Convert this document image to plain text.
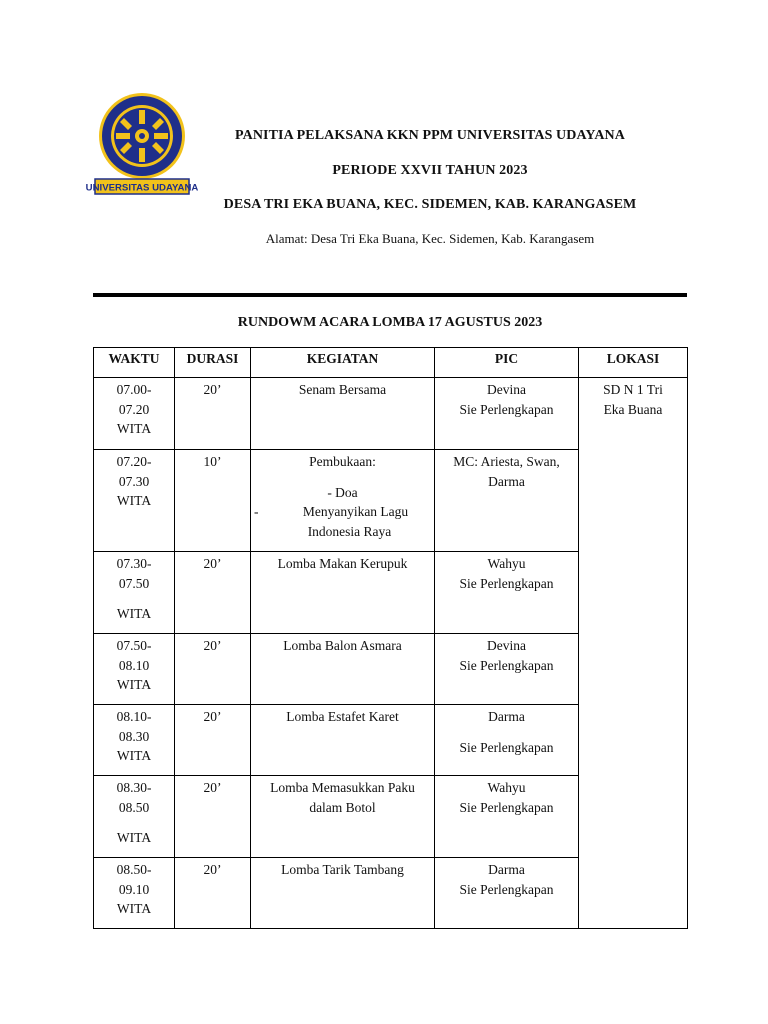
UNIVERSITAS UDAYANA
PANITIA PELAKSANA KKN PPM UNIVERSITAS UDAYANA
PERIODE XXVII TAHUN 2023
DESA TRI EKA BUANA, KEC. SIDEMEN, KAB. KARANGASEM
Alamat: Desa Tri Eka Buana, Kec. Sidemen, Kab. Karangasem
RUNDOWM ACARA LOMBA 17 AGUSTUS 2023
WAKTU	DURASI	KEGIATAN	PIC	LOKASI

07.00-
07.20
WITA	20’	Senam Bersama	Devina
Sie Perlengkapan	SD N 1 Tri
Eka Buana

07.20-
07.30
WITA	10’	Pembukaan:
- Doa
- Menyanyikan Lagu
Indonesia Raya	MC: Ariesta, Swan,
Darma	

07.30-
07.50
WITA	20’	Lomba Makan Kerupuk	Wahyu
Sie Perlengkapan	

07.50-
08.10
WITA	20’	Lomba Balon Asmara	Devina
Sie Perlengkapan	

08.10-
08.30
WITA	20’	Lomba Estafet Karet	Darma
Sie Perlengkapan	

08.30-
08.50
WITA	20’	Lomba Memasukkan Paku
dalam Botol	Wahyu
Sie Perlengkapan	

08.50-
09.10
WITA	20’	Lomba Tarik Tambang	Darma
Sie Perlengkapan	
